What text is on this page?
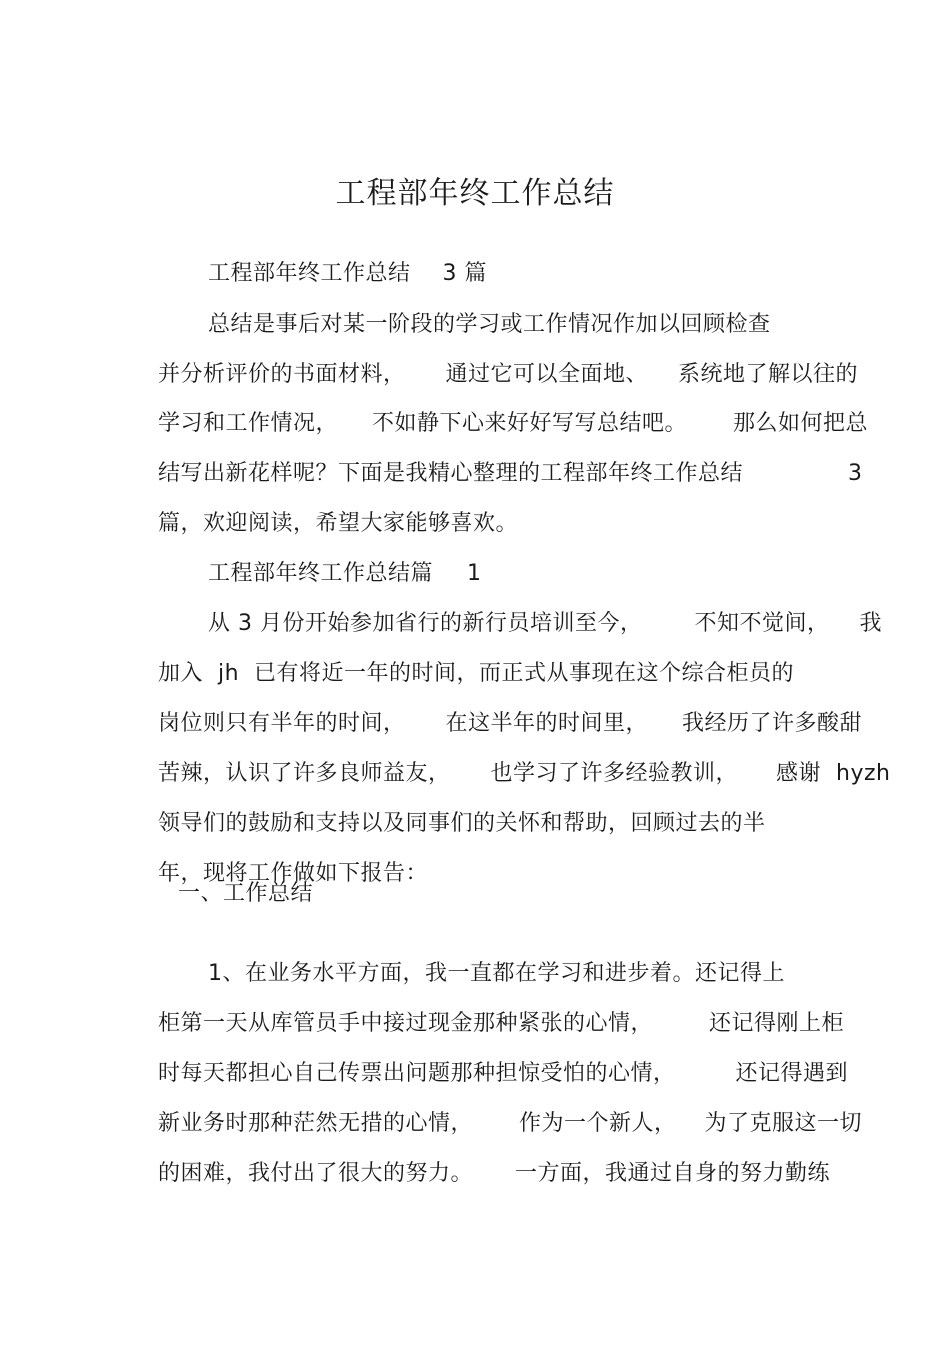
工程部年终工作总结

工程部年终工作总结 3 篇

总结是事后对某一阶段的学习或工作情况作加以回顾检查

并分析评价的书面材料， 通过它可以全面地、 系统地了解以往的

学习和工作情况， 不如静下心来好好写写总结吧。 那么如何把总

结写出新花样呢？下面是我精心整理的工程部年终工作总结
	3

篇，欢迎阅读，希望大家能够喜欢。

工程部年终工作总结篇 1

从 3 月份开始参加省行的新行员培训至今， 不知不觉间， 我

加入  jh  已有将近一年的时间，而正式从事现在这个综合柜员的

岗位则只有半年的时间， 在这半年的时间里， 我经历了许多酸甜

苦辣，认识了许多良师益友， 也学习了许多经验教训， 感谢  hyzh

领导们的鼓励和支持以及同事们的关怀和帮助，回顾过去的半

年，现将工作做如下报告：

一、工作总结

1、在业务水平方面，我一直都在学习和进步着。还记得上

柜第一天从库管员手中接过现金那种紧张的心情，	还记得刚上柜

时每天都担心自己传票出问题那种担惊受怕的心情，	还记得遇到

新业务时那种茫然无措的心情， 作为一个新人， 为了克服这一切

的困难，我付出了很大的努力。 一方面，我通过自身的努力勤练
